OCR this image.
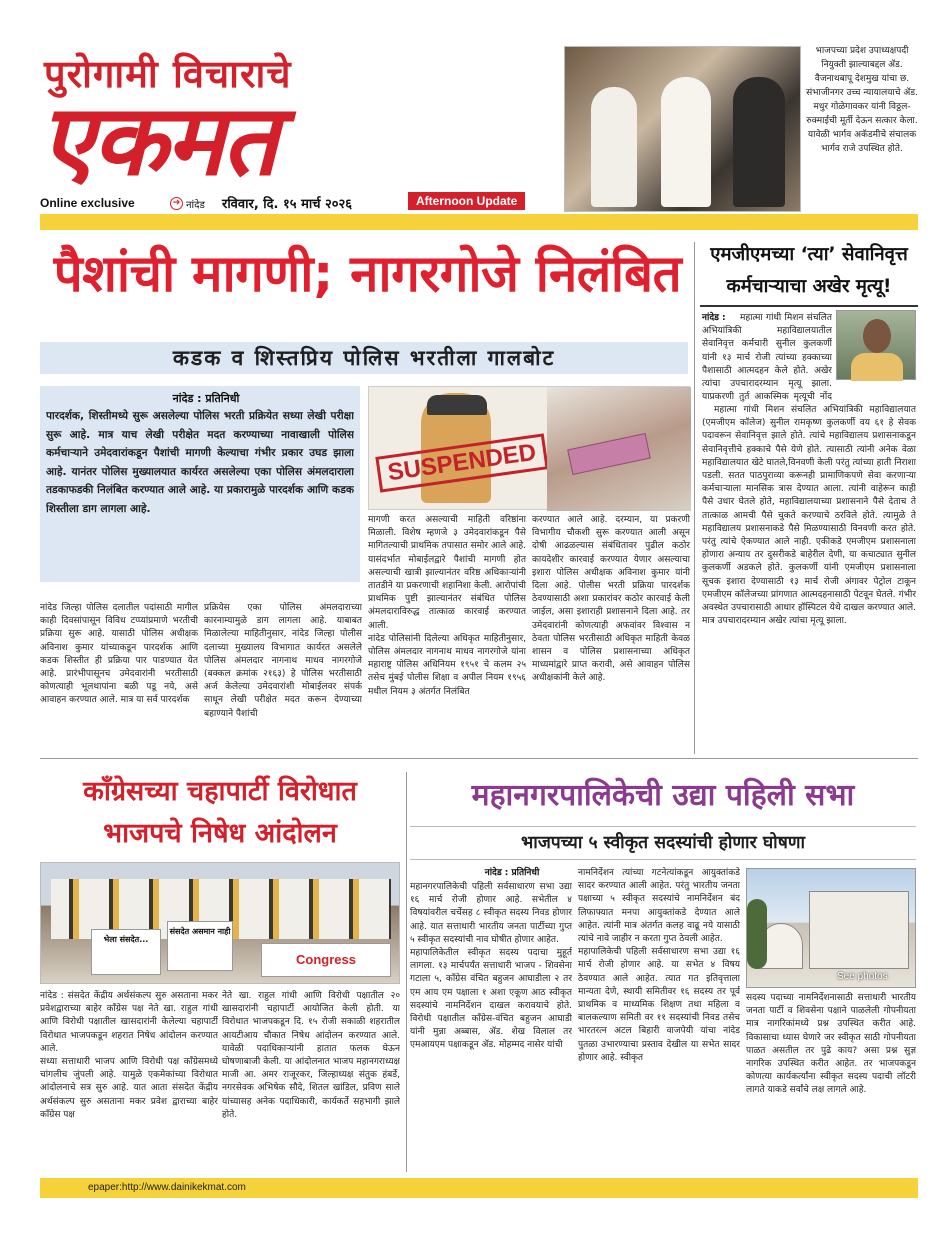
पुरोगामी विचाराचे
एकमत
Online exclusive	➔ नांदेड रविवार, दि. १५ मार्च २०२६	Afternoon Update
भाजपच्या प्रदेश उपाध्यक्षपदी नियुक्ती झाल्याबद्दल ॲड. वैजनाथबापू देशमुख यांचा छ. संभाजीनगर उच्च न्यायालयाचे ॲड. मधुर गोळेगावकर यांनी विठ्ठल-रुक्माईची मूर्ती देऊन सत्कार केला. यावेळी भार्गव अकॅडमीचे संचालक भार्गव राजे उपस्थित होते.
पैशांची मागणी; नागरगोजे निलंबित
कडक व शिस्तप्रिय पोलिस भरतीला गालबोट
नांदेड : प्रतिनिधी
पारदर्शक, शिस्तीमध्ये सुरू असलेल्या पोलिस भरती प्रक्रियेत सध्या लेखी परीक्षा सुरू आहे. मात्र याच लेखी परीक्षेत मदत करण्याच्या नावाखाली पोलिस कर्मचाऱ्याने उमेदवारांकडून पैशांची मागणी केल्याचा गंभीर प्रकार उघड झाला आहे. यानंतर पोलिस मुख्यालयात कार्यरत असलेल्या एका पोलिस अंमलदाराला तडकाफडकी निलंबित करण्यात आले आहे. या प्रकारामुळे पारदर्शक आणि कडक शिस्तीला डाग लागला आहे.
SUSPENDED
नांदेड जिल्हा पोलिस दलातील पदांसाठी मागील काही दिवसांपासून विविध टप्प्यांप्रमाणे भरतीची प्रक्रिया सुरू आहे. यासाठी पोलिस अधीक्षक अविनाश कुमार यांच्याकडून पारदर्शक आणि कडक शिस्तीत ही प्रक्रिया पार पाडण्यात येत आहे. प्रारंभीपासूनच उमेदवारांनी भरतीसाठी कोणत्याही भूलथापांना बळी पडू नये, असे आवाहन करण्यात आले. मात्र या सर्व पारदर्शक
प्रक्रियेस एका पोलिस अंमलदाराच्या कारनाम्यामुळे डाग लागला आहे. याबाबत मिळालेल्या माहितीनुसार, नांदेड जिल्हा पोलीस दलाच्या मुख्यालय विभागात कार्यरत असलेले पोलिस अंमलदार नागनाथ माधव नागरगोजे (बक्कल क्रमांक २१६३) हे पोलिस भरतीसाठी अर्ज केलेल्या उमेदवारांशी मोबाईलवर संपर्क साधून लेखी परीक्षेत मदत करून देण्याच्या बहाण्याने पैशांची
मागणी करत असल्याची माहिती वरिष्ठांना मिळाली. विशेष म्हणजे ३ उमेदवारांकडून पैसे मागितल्याची प्राथमिक तपासात समोर आले आहे. यासंदर्भात मोबाईलद्वारे पैशांची मागणी होत असल्याची खात्री झाल्यानंतर वरिष्ठ अधिकाऱ्यांनी तातडीने या प्रकरणाची शहानिशा केली. आरोपांची प्राथमिक पुष्टी झाल्यानंतर संबंधित पोलिस अंमलदाराविरुद्ध तात्काळ कारवाई करण्यात आली.
नांदेड पोलिसांनी दिलेल्या अधिकृत माहितीनुसार, पोलिस अंमलदार नागनाथ माधव नागरगोजे यांना महाराष्ट्र पोलिस अधिनियम १९५१ चे कलम २५ तसेच मुंबई पोलीस शिक्षा व अपील नियम १९५६ मधील नियम ३ अंतर्गत निलंबित
करण्यात आले आहे. दरम्यान, या प्रकरणी विभागीय चौकशी सुरू करण्यात आली असून दोषी आढळल्यास संबंधितावर पुढील कठोर कायदेशीर कारवाई करण्यात येणार असल्याचा इशारा पोलिस अधीक्षक अविनाश कुमार यांनी दिला आहे. पोलीस भरती प्रक्रिया पारदर्शक ठेवण्यासाठी अशा प्रकारांवर कठोर कारवाई केली जाईल, असा इशाराही प्रशासनाने दिला आहे. तर उमेदवारांनी कोणत्याही अफवांवर विश्वास न ठेवता पोलिस भरतीसाठी अधिकृत माहिती केवळ शासन व पोलिस प्रशासनाच्या अधिकृत माध्यमांद्वारे प्राप्त करावी, असे आवाहन पोलिस अधीक्षकांनी केले आहे.
एमजीएमच्या ‘त्या’ सेवानिवृत्त
कर्मचाऱ्याचा अखेर मृत्यू!
नांदेड :	महात्मा गांधी मिशन संचलित अभियांत्रिकी महाविद्यालयातील सेवानिवृत्त कर्मचारी सुनील कुलकर्णी यांनी १३ मार्च रोजी त्यांच्या हक्काच्या पैशासाठी आत्मदहन केले होते. अखेर त्यांचा उपचारादरम्यान मृत्यू झाला. याप्रकरणी तुर्त आकस्मिक मृत्यूची नोंद
महात्मा गांधी मिशन संचलित अभियांत्रिकी महाविद्यालयात (एमजीएम कॉलेज) सुनील रामकृष्ण कुलकर्णी वय ६१ हे सेवक पदावरून सेवानिवृत्त झाले होते. त्यांचे महाविद्यालय प्रशासनाकडून सेवानिवृत्तीचे हक्काचे पैसे येणे होते. त्यासाठी त्यांनी अनेक वेळा महाविद्यालयात खेटे घातले,विनवणी केली परंतु त्यांच्या हाती निराशा पडली. सतत पाठपुराव्या करूनही प्रामाणिकपणे सेवा करणाऱ्या कर्मचाऱ्याला मानसिक त्रास देण्यात आला. त्यांनी वाहेरून काही पैसे उधार घेतले होते, महाविद्यालयाच्या प्रशासनाने पैसे देताच ते तात्काळ आमची पैसे चुकते करण्याचे ठरविले होते. त्यामुळे ते महाविद्यालय प्रशासनाकडे पैसे मिळण्यासाठी विनवणी करत होते. परंतु त्यांचे ऐकण्यात आले नाही. एकीकडे एमजीएम प्रशासनाला होणारा अन्याय तर दुसरीकडे बाहेरील देणी, या कचाट्यात सुनील कुलकर्णी अडकले होते. कुलकर्णी यांनी एमजीएम प्रशासनाला सूचक इशारा देण्यासाठी १३ मार्च रोजी अंगावर पेट्रोल टाकून एमजीएम कॉलेजच्या प्रांगणात आत्मदहनासाठी पेटवून घेतले. गंभीर अवस्थेत उपचारासाठी आधार हॉस्पिटल येथे दाखल करण्यात आले. मात्र उपचारादरम्यान अखेर त्यांचा मृत्यू झाला.
काँग्रेसच्या चहापार्टी विरोधात
भाजपचे निषेध आंदोलन
भेला संसदेत...
संसदेत असमान नाही
Congress
नांदेड : संसदेत केंद्रीय अर्थसंकल्प सुरु असताना मकर प्रवेशद्वाराच्या बाहेर काँग्रेस पक्ष नेते खा. राहुल गांधी आणि विरोधी पक्षातील खासदारांनी केलेल्या चहापार्टी विरोधात भाजपकडून शहरात निषेध आंदोलन करण्यात आले.
सध्या सत्ताधारी भाजप आणि विरोधी पक्ष काँग्रेसमध्ये चांगलीच जुंपली आहे. यामुळे एकमेकांच्या विरोधात आंदोलनाचे सत्र सुरु आहे. यात आता संसदेत केंद्रीय अर्थसंकल्प सुरु असताना मकर प्रवेश द्वाराच्या बाहेर काँग्रेस पक्ष
नेते खा. राहुल गांधी आणि विरोधी पक्षातील २० खासदारांनी चहापार्टी आयोजित केली होती. या विरोधात भाजपकडून दि. १५ रोजी सकाळी शहरातील आयटीआय चौकात निषेध आंदोलन करण्यात आले. यावेळी पदाधिकाऱ्यांनी हातात फलक घेऊन घोषणाबाजी केली. या आंदोलनात भाजप महानगराध्यक्ष माजी आ. अमर राजूरकर, जिल्हाध्यक्ष संतुक हंबर्डे, नगरसेवक अभिषेक सौदे, शितल खांडिल, प्रविण साले यांच्यासह अनेक पदाधिकारी, कार्यकर्ते सहभागी झाले होते.
महानगरपालिकेची उद्या पहिली सभा
भाजपच्या ५ स्वीकृत सदस्यांची होणार घोषणा
नांदेड : प्रतिनिधी
महानगरपालिकेची पहिली सर्वसाधारण सभा उद्या १६ मार्च रोजी होणार आहे. सभेतील ४ विषयांवरील चर्चेसह ८ स्वीकृत सदस्य निवड होणार आहे. यात सत्ताधारी भारतीय जनता पार्टीच्या गुप्त ५ स्वीकृत सदस्यांची नाव घोषीत होणार आहेत.
महापालिकेतील स्वीकृत सदस्य पदाचा मुहूर्त लागला. १३ मार्चपर्यंत सत्ताधारी भाजप - शिवसेना गटाला ५, काँग्रेस वंचित बहुजन आघाडीला २ तर एम आय एम पक्षाला १ अशा एकूण आठ स्वीकृत सदस्यांचे नामनिर्देशन दाखल करावयाचे होते. विरोधी पक्षातील काँग्रेस-वंचित बहुजन आघाडी यांनी मुन्ना अब्बास, ॲड. शेख विलाल तर एमआयएम पक्षाकडून ॲड. मोहम्मद नासेर यांची
नामनिर्देशन त्यांच्या गटनेत्यांकडून आयुक्तांकडे सादर करण्यात आली आहेत. परंतु भारतीय जनता पक्षाच्या ५ स्वीकृत सदस्यांचे नामनिर्देशन बंद लिफाफ्यात मनपा आयुक्तांकडे देण्यात आले आहेत. त्यांनी मात्र अंतर्गत कलह वाढू नये यासाठी त्यांचे नावे जाहीर न करता गुप्त ठेवली आहेत.
महापालिकेची पहिली सर्वसाधारण सभा उद्या १६ मार्च रोजी होणार आहे. या सभेत ४ विषय ठेवण्यात आले आहेत. त्यात गत इतिवृत्ताला मान्यता देणे, स्थायी समितीवर १६ सदस्य तर पूर्व प्राथमिक व माध्यमिक शिक्षण तथा महिला व बालकल्याण समिती वर ११ सदस्यांची निवड तसेच भारतरत्न अटल बिहारी वाजपेयी यांचा नांदेड पुतळा उभारण्याचा प्रस्ताव देखील या सभेत सादर होणार आहे. स्वीकृत
See photos
सदस्य पदाच्या नामनिर्देशनासाठी सत्ताधारी भारतीय जनता पार्टी व शिवसेना पक्षाने पाळलेली गोपनीयता मात्र नागरिकांमध्ये प्रश्न उपस्थित करीत आहे. विकासाचा ध्यास घेणारे जर स्वीकृत साठी गोपनीयता पाळत असतील तर पुढे काय? असा प्रश्न सुज्ञ नागरिक उपस्थित करीत आहेत. तर भाजपकडून कोणत्या कार्यकर्त्यांना स्वीकृत सदस्य पदाची लॉटरी लागते याकडे सर्वांचे लक्ष लागले आहे.
epaper:http://www.dainikekmat.com
